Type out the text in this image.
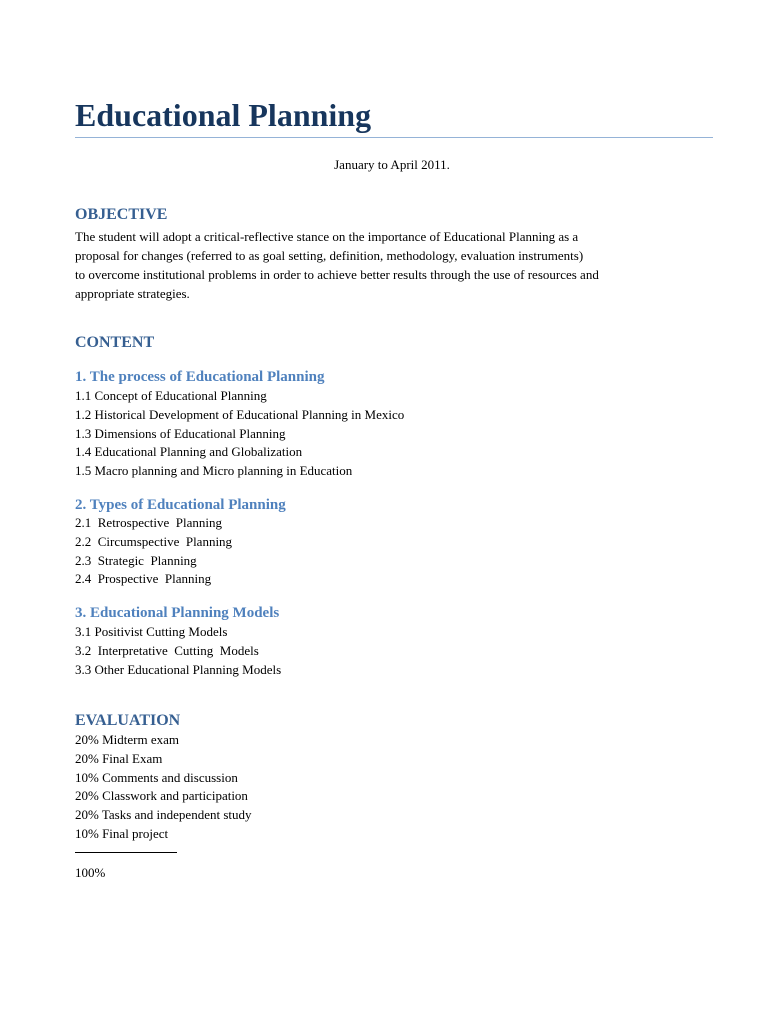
Educational Planning
January to April 2011.
OBJECTIVE
The student will adopt a critical-reflective stance on the importance of Educational Planning as a
proposal for changes (referred to as goal setting, definition, methodology, evaluation instruments)
to overcome institutional problems in order to achieve better results through the use of resources and
appropriate strategies.
CONTENT
1. The process of Educational Planning
1.1 Concept of Educational Planning
1.2 Historical Development of Educational Planning in Mexico
1.3 Dimensions of Educational Planning
1.4 Educational Planning and Globalization
1.5 Macro planning and Micro planning in Education
2. Types of Educational Planning
2.1  Retrospective  Planning
2.2  Circumspective  Planning
2.3  Strategic  Planning
2.4  Prospective  Planning
3. Educational Planning Models
3.1 Positivist Cutting Models
3.2  Interpretative  Cutting  Models
3.3 Other Educational Planning Models
EVALUATION
20% Midterm exam
20% Final Exam
10% Comments and discussion
20% Classwork and participation
20% Tasks and independent study
10% Final project
100%
